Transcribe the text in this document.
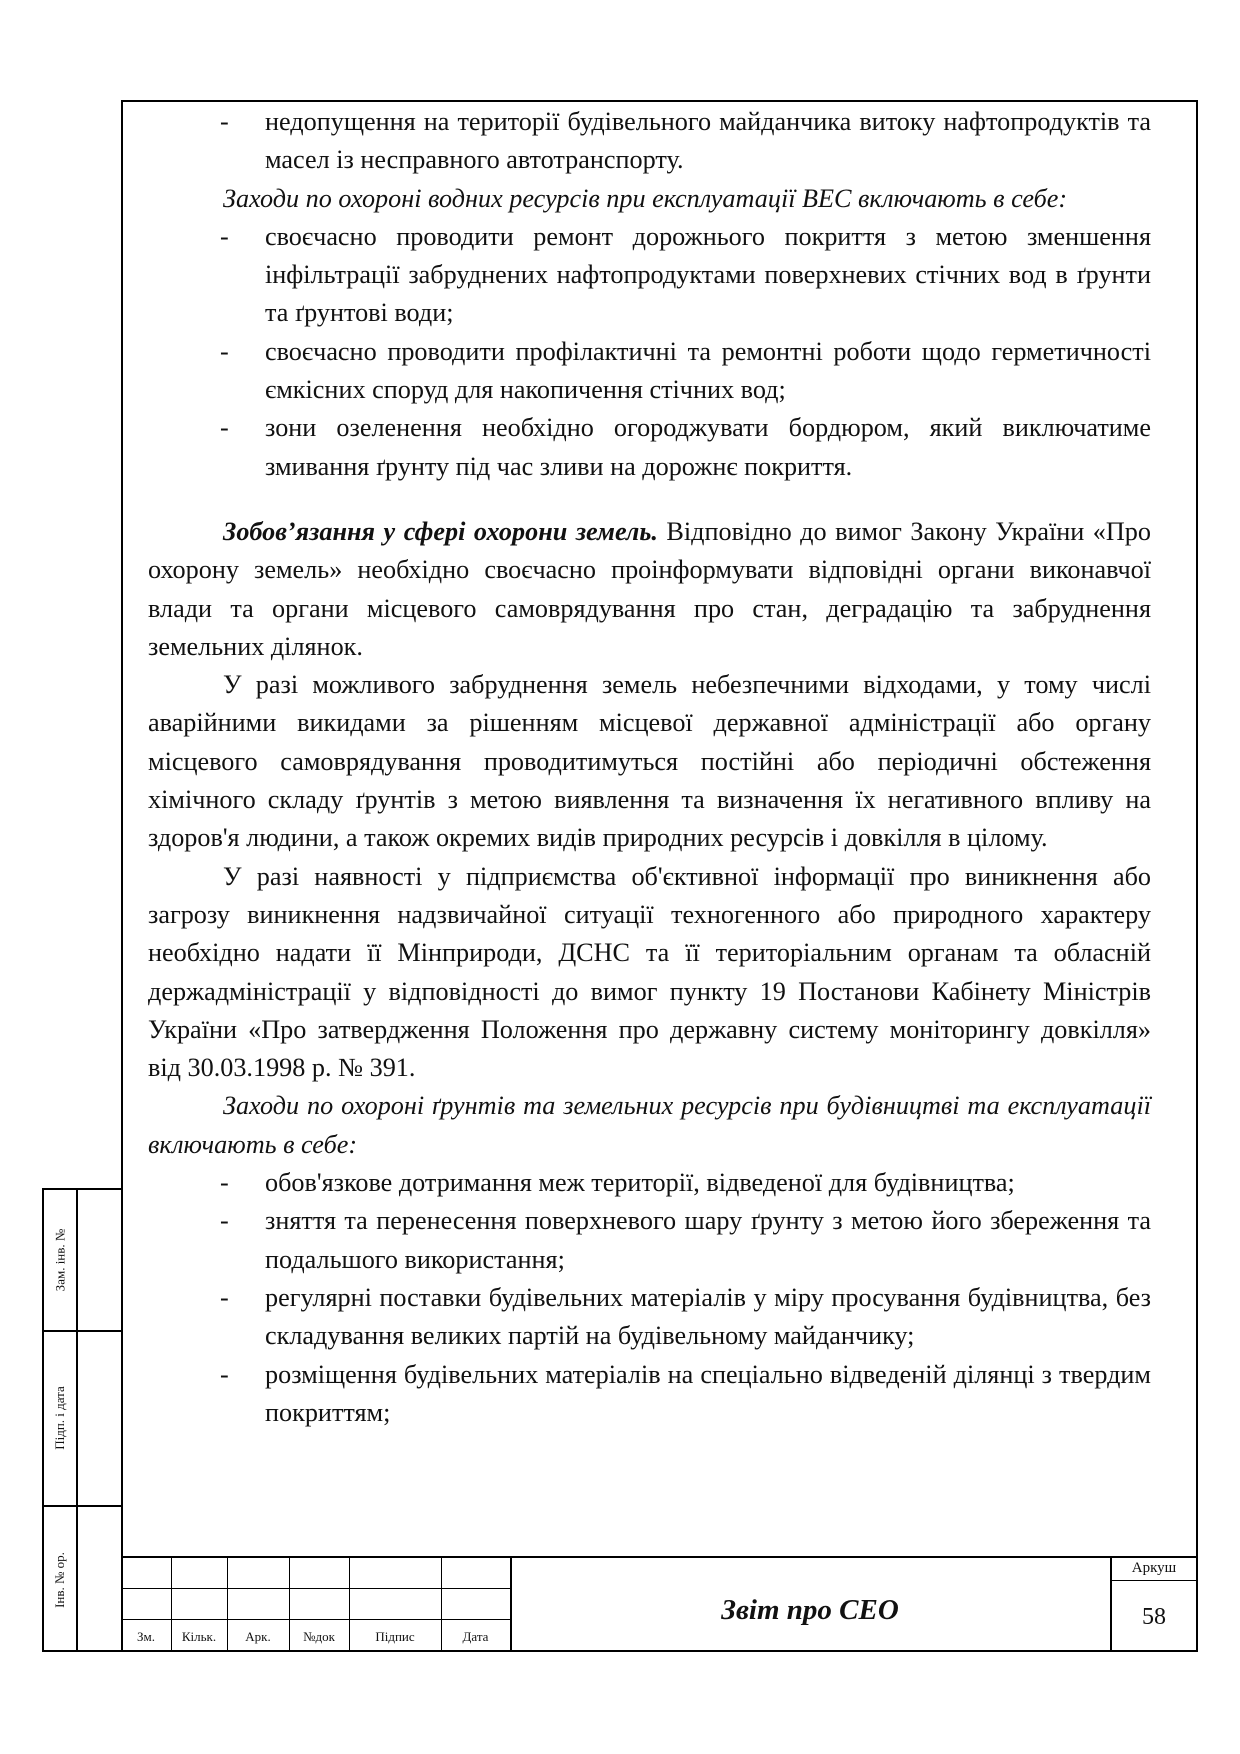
- недопущення на території будівельного майданчика витоку нафтопродуктів та масел із несправного автотранспорту.

Заходи по охороні водних ресурсів при експлуатації ВЕС включають в себе:

- своєчасно проводити ремонт дорожнього покриття з метою зменшення інфільтрації забруднених нафтопродуктами поверхневих стічних вод в ґрунти та ґрунтові води;

- своєчасно проводити профілактичні та ремонтні роботи щодо герметичності ємкісних споруд для накопичення стічних вод;

- зони озеленення необхідно огороджувати бордюром, який виключатиме змивання ґрунту під час зливи на дорожнє покриття.

Зобов’язання у сфері охорони земель. Відповідно до вимог Закону України «Про охорону земель» необхідно своєчасно проінформувати відповідні органи виконавчої влади та органи місцевого самоврядування про стан, деградацію та забруднення земельних ділянок.

У разі можливого забруднення земель небезпечними відходами, у тому числі аварійними викидами за рішенням місцевої державної адміністрації або органу місцевого самоврядування проводитимуться постійні або періодичні обстеження хімічного складу ґрунтів з метою виявлення та визначення їх негативного впливу на здоров'я людини, а також окремих видів природних ресурсів і довкілля в цілому.

У разі наявності у підприємства об'єктивної інформації про виникнення або загрозу виникнення надзвичайної ситуації техногенного або природного характеру необхідно надати її Мінприроди, ДСНС та її територіальним органам та обласній держадміністрації у відповідності до вимог пункту 19 Постанови Кабінету Міністрів України «Про затвердження Положення про державну систему моніторингу довкілля» від 30.03.1998 р. № 391.

Заходи по охороні ґрунтів та земельних ресурсів при будівництві та експлуатації включають в себе:

- обов'язкове дотримання меж території, відведеної для будівництва;

- зняття та перенесення поверхневого шару ґрунту з метою його збереження та подальшого використання;

- регулярні поставки будівельних матеріалів у міру просування будівництва, без складування великих партій на будівельному майданчику;

- розміщення будівельних матеріалів на спеціально відведеній ділянці з твердим покриттям;

Зам. інв. №
Підп. і дата
Інв. № ор.
Зм.	Кільк.	Арк.	№док	Підпис	Дата
Звіт про СЕО
Аркуш
58
